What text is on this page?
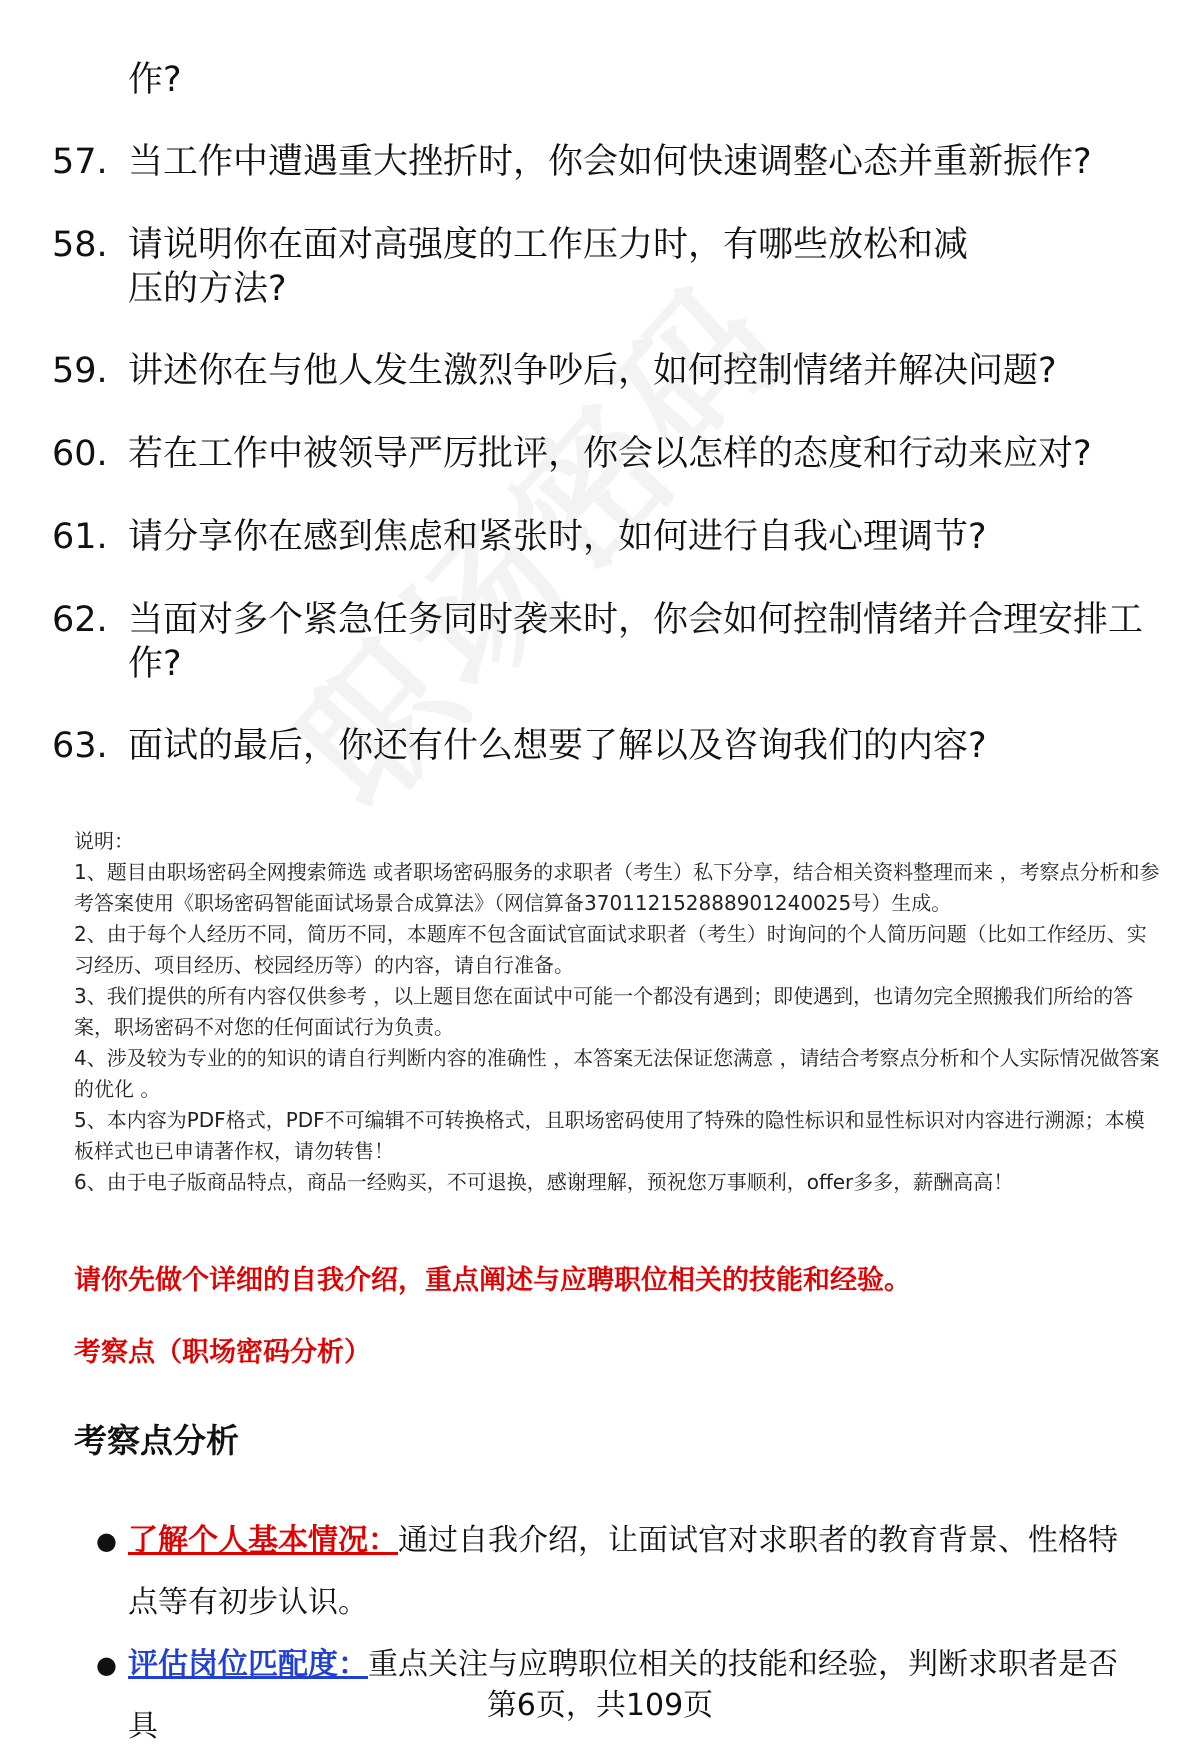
作?
57. 当工作中遭遇重大挫折时，你会如何快速调整心态并重新振作?
58. 请说明你在面对高强度的工作压力时，有哪些放松和减压的方法?
59. 讲述你在与他人发生激烈争吵后，如何控制情绪并解决问题?
60. 若在工作中被领导严厉批评，你会以怎样的态度和行动来应对?
61. 请分享你在感到焦虑和紧张时，如何进行自我心理调节?
62. 当面对多个紧急任务同时袭来时，你会如何控制情绪并合理安排工作?
63. 面试的最后，你还有什么想要了解以及咨询我们的内容?

说明：

1、题目由职场密码全网搜索筛选 或者职场密码服务的求职者（考生）私下分享，结合相关资料整理而来 ，考察点分析和参考答案使用《职场密码智能面试场景合成算法》（网信算备370112152888901240025号）生成。

2、由于每个人经历不同，简历不同，本题库不包含面试官面试求职者（考生）时询问的个人简历问题（比如工作经历、实习经历、项目经历、校园经历等）的内容，请自行准备。

3、我们提供的所有内容仅供参考 ，以上题目您在面试中可能一个都没有遇到；即使遇到，也请勿完全照搬我们所给的答案，职场密码不对您的任何面试行为负责。

4、涉及较为专业的的知识的请自行判断内容的准确性 ，本答案无法保证您满意 ，请结合考察点分析和个人实际情况做答案的优化 。

5、本内容为PDF格式，PDF不可编辑不可转换格式，且职场密码使用了特殊的隐性标识和显性标识对内容进行溯源；本模板样式也已申请著作权，请勿转售！

6、由于电子版商品特点，商品一经购买，不可退换，感谢理解，预祝您万事顺利，offer多多，薪酬高高！

请你先做个详细的自我介绍，重点阐述与应聘职位相关的技能和经验。
考察点（职场密码分析）
考察点分析
● 了解个人基本情况：通过自我介绍，让面试官对求职者的教育背景、性格特点等有初步认识。
● 评估岗位匹配度：重点关注与应聘职位相关的技能和经验，判断求职者是否具
第6页，共109页
